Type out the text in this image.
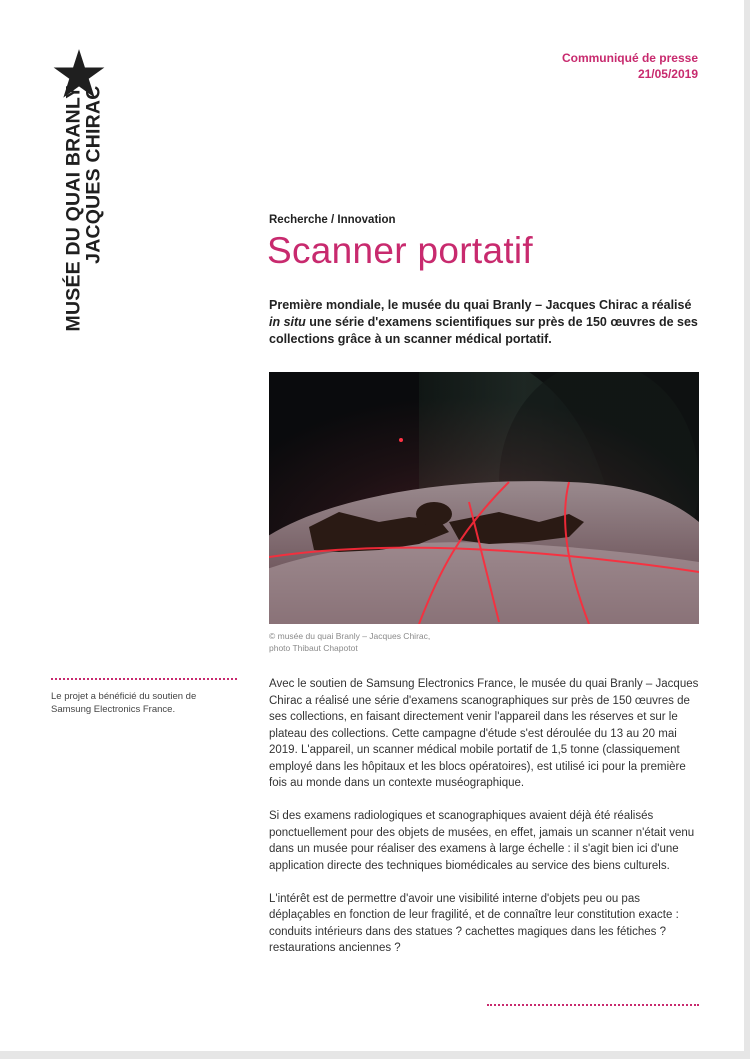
MUSÉE DU QUAI BRANLY
JACQUES CHIRAC
Communiqué de presse
21/05/2019
Recherche / Innovation
Scanner portatif
Première mondiale, le musée du quai Branly – Jacques Chirac a réalisé in situ une série d'examens scientifiques sur près de 150 œuvres de ses collections grâce à un scanner médical portatif.
© musée du quai Branly – Jacques Chirac,
photo Thibaut Chapotot
Le projet a bénéficié du soutien de Samsung Electronics France.

Avec le soutien de Samsung Electronics France, le musée du quai Branly – Jacques Chirac a réalisé une série d'examens scanographiques sur près de 150 œuvres de ses collections, en faisant directement venir l'appareil dans les réserves et sur le plateau des collections. Cette campagne d'étude s'est déroulée du 13 au 20 mai 2019. L'appareil, un scanner médical mobile portatif de 1,5 tonne (classiquement employé dans les hôpitaux et les blocs opératoires), est utilisé ici pour la première fois au monde dans un contexte muséographique.

Si des examens radiologiques et scanographiques avaient déjà été réalisés ponctuellement pour des objets de musées, en effet, jamais un scanner n'était venu dans un musée pour réaliser des examens à large échelle : il s'agit bien ici d'une application directe des techniques biomédicales au service des biens culturels.

L'intérêt est de permettre d'avoir une visibilité interne d'objets peu ou pas déplaçables en fonction de leur fragilité, et de connaître leur constitution exacte : conduits intérieurs dans des statues ? cachettes magiques dans les fétiches ? restaurations anciennes ?
